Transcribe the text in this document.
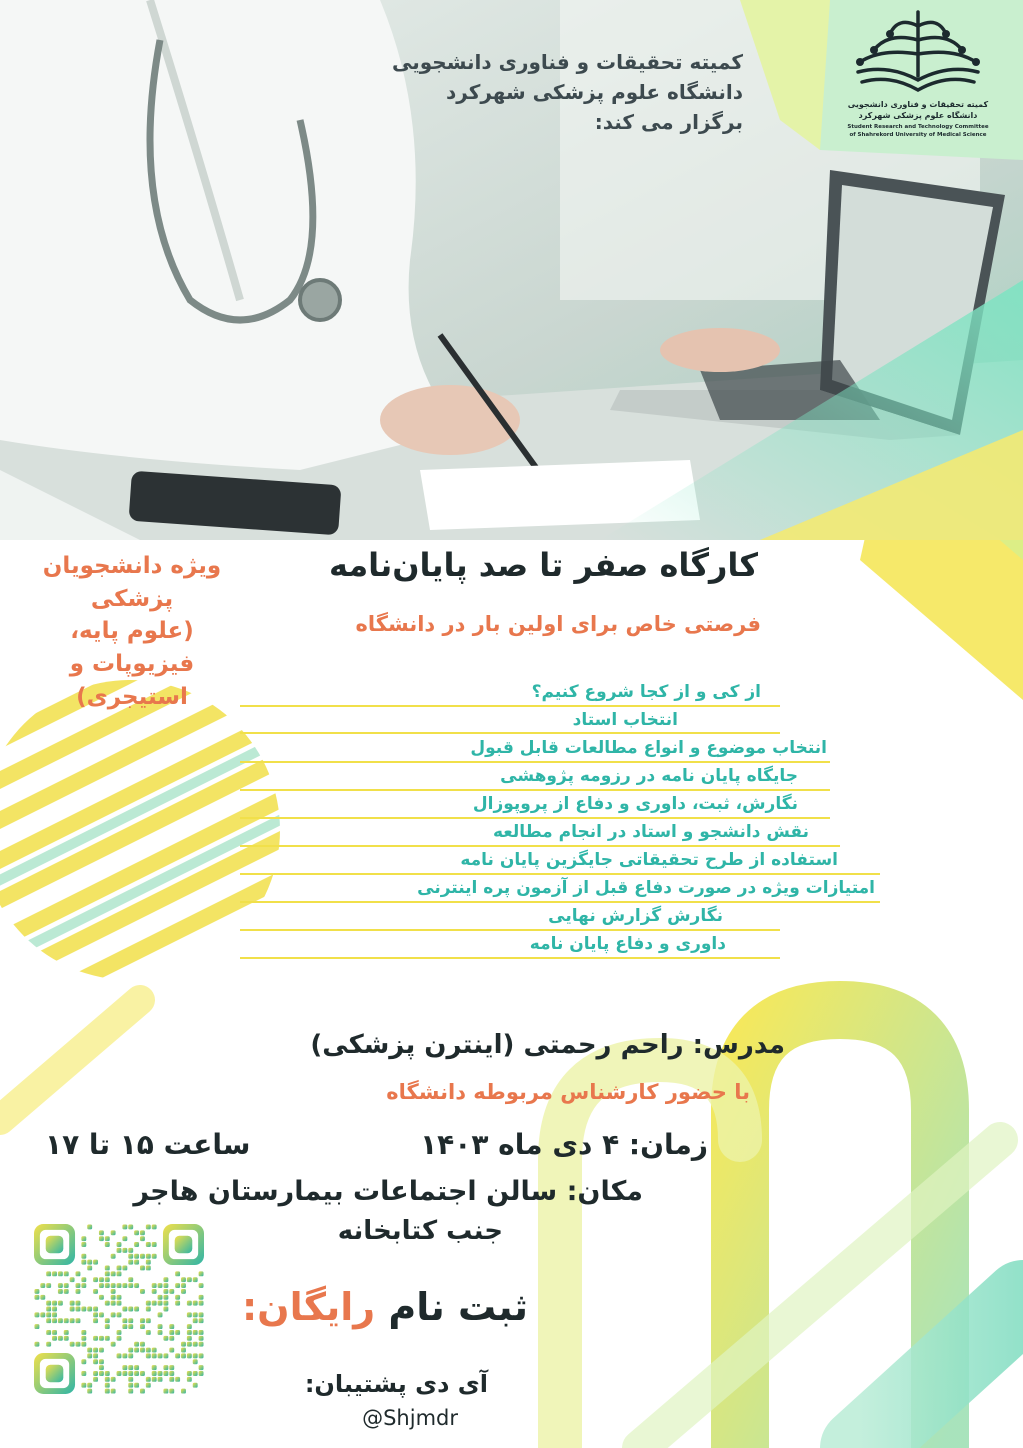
کمیته تحقیقات و فناوری دانشجویی
دانشگاه علوم پزشکی شهرکرد
برگزار می کند:
کمیته تحقیقات و فناوری دانشجویی
دانشگاه علوم پزشکی شهرکرد
Student Research and Technology Committee
of Shahrekord University of Medical Science
کارگاه صفر تا صد پایان‌نامه
فرصتی خاص برای اولین بار در دانشگاه
ویژه دانشجویان
پزشکی
(علوم پایه،
فیزیوپات و
استیجری)	از کی و از کجا شروع کنیم؟
انتخاب استاد
انتخاب موضوع و انواع مطالعات قابل قبول
جایگاه پایان نامه در رزومه پژوهشی
نگارش، ثبت، داوری و دفاع از پروپوزال
نقش دانشجو و استاد در انجام مطالعه
استفاده از طرح تحقیقاتی جایگزین پایان نامه
امتیازات ویژه در صورت دفاع قبل از آزمون پره اینترنی
نگارش گزارش نهایی
داوری و دفاع پایان نامه
مدرس: راحم رحمتی (اینترن پزشکی)
با حضور کارشناس مربوطه دانشگاه
زمان: ۴ دی ماه ۱۴۰۳
ساعت ۱۵ تا ۱۷
مکان: سالن اجتماعات بیمارستان هاجر
جنب کتابخانه
ثبت نام رایگان:
آی دی پشتیبان:
@Shjmdr
